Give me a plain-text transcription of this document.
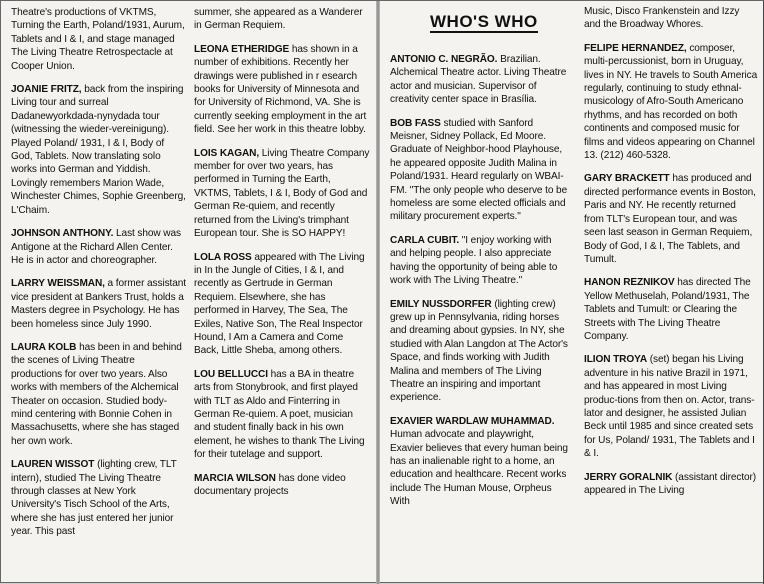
Theatre's productions of VKTMS, Turning the Earth, Poland/1931, Aurum, Tablets and I & I, and stage managed The Living Theatre Retrospectacle at Cooper Union.

JOANIE FRITZ, back from the inspiring Living tour and surreal Dadanewyorkdada-nynydada tour (witnessing the wieder-vereinigung). Played Poland/ 1931, I & I, Body of God, Tablets. Now translating solo works into German and Yiddish. Lovingly remembers Marion Wade, Winchester Chimes, Sophie Greenberg, L'Chaim.

JOHNSON ANTHONY. Last show was Antigone at the Richard Allen Center. He is in actor and choreographer.

LARRY WEISSMAN, a former assistant vice president at Bankers Trust, holds a Masters degree in Psychology. He has been homeless since July 1990.

LAURA KOLB has been in and behind the scenes of Living Theatre productions for over two years. Also works with members of the Alchemical Theater on occasion. Studied body-mind centering with Bonnie Cohen in Massachusetts, where she has staged her own work.

LAUREN WISSOT (lighting crew, TLT intern), studied The Living Theatre through classes at New York University's Tisch School of the Arts, where she has just entered her junior year. This past

summer, she appeared as a Wanderer in German Requiem.

LEONA ETHERIDGE has shown in a number of exhibitions. Recently her drawings were published in r esearch books for University of Minnesota and for University of Richmond, VA. She is currently seeking employment in the art field. See her work in this theatre lobby.

LOIS KAGAN, Living Theatre Company member for over two years, has performed in Turning the Earth, VKTMS, Tablets, I & I, Body of God and German Re-quiem, and recently returned from the Living's trimphant European tour. She is SO HAPPY!

LOLA ROSS appeared with The Living in In the Jungle of Cities, I & I, and recently as Gertrude in German Requiem. Elsewhere, she has performed in Harvey, The Sea, The Exiles, Native Son, The Real Inspector Hound, I Am a Camera and Come Back, Little Sheba, among others.

LOU BELLUCCI has a BA in theatre arts from Stonybrook, and first played with TLT as Aldo and Finterring in German Re-quiem. A poet, musician and student finally back in his own element, he wishes to thank The Living for their tutelage and support.

MARCIA WILSON has done video documentary projects

WHO'S WHO

ANTONIO C. NEGRÃO. Brazilian. Alchemical Theatre actor. Living Theatre actor and musician. Supervisor of creativity center space in Brasília.

BOB FASS studied with Sanford Meisner, Sidney Pollack, Ed Moore. Graduate of Neighbor-hood Playhouse, he appeared opposite Judith Malina in Poland/1931. Heard regularly on WBAI-FM. "The only people who deserve to be homeless are some elected officials and military procurement experts."

CARLA CUBIT. "I enjoy working with and helping people. I also appreciate having the opportunity of being able to work with The Living Theatre."

EMILY NUSSDORFER (lighting crew) grew up in Pennsylvania, riding horses and dreaming about gypsies. In NY, she studied with Alan Langdon at The Actor's Space, and finds working with Judith Malina and members of The Living Theatre an inspiring and important experience.

EXAVIER WARDLAW MUHAMMAD. Human advocate and playwright, Exavier believes that every human being has an inalienable right to a home, an education and healthcare. Recent works include The Human Mouse, Orpheus With

Music, Disco Frankenstein and Izzy and the Broadway Whores.

FELIPE HERNANDEZ, composer, multi-percussionist, born in Uruguay, lives in NY. He travels to South America regularly, continuing to study ethnal-musicology of Afro-South Americano rhythms, and has recorded on both continents and composed music for films and videos appearing on Channel 13. (212) 460-5328.

GARY BRACKETT has produced and directed performance events in Boston, Paris and NY. He recently returned from TLT's European tour, and was seen last season in German Requiem, Body of God, I & I, The Tablets, and Tumult.

HANON REZNIKOV has directed The Yellow Methuselah, Poland/1931, The Tablets and Tumult: or Clearing the Streets with The Living Theatre Company.

ILION TROYA (set) began his Living adventure in his native Brazil in 1971, and has appeared in most Living produc-tions from then on. Actor, trans-lator and designer, he assisted Julian Beck until 1985 and since created sets for Us, Poland/ 1931, The Tablets and I & I.

JERRY GORALNIK (assistant director) appeared in The Living
